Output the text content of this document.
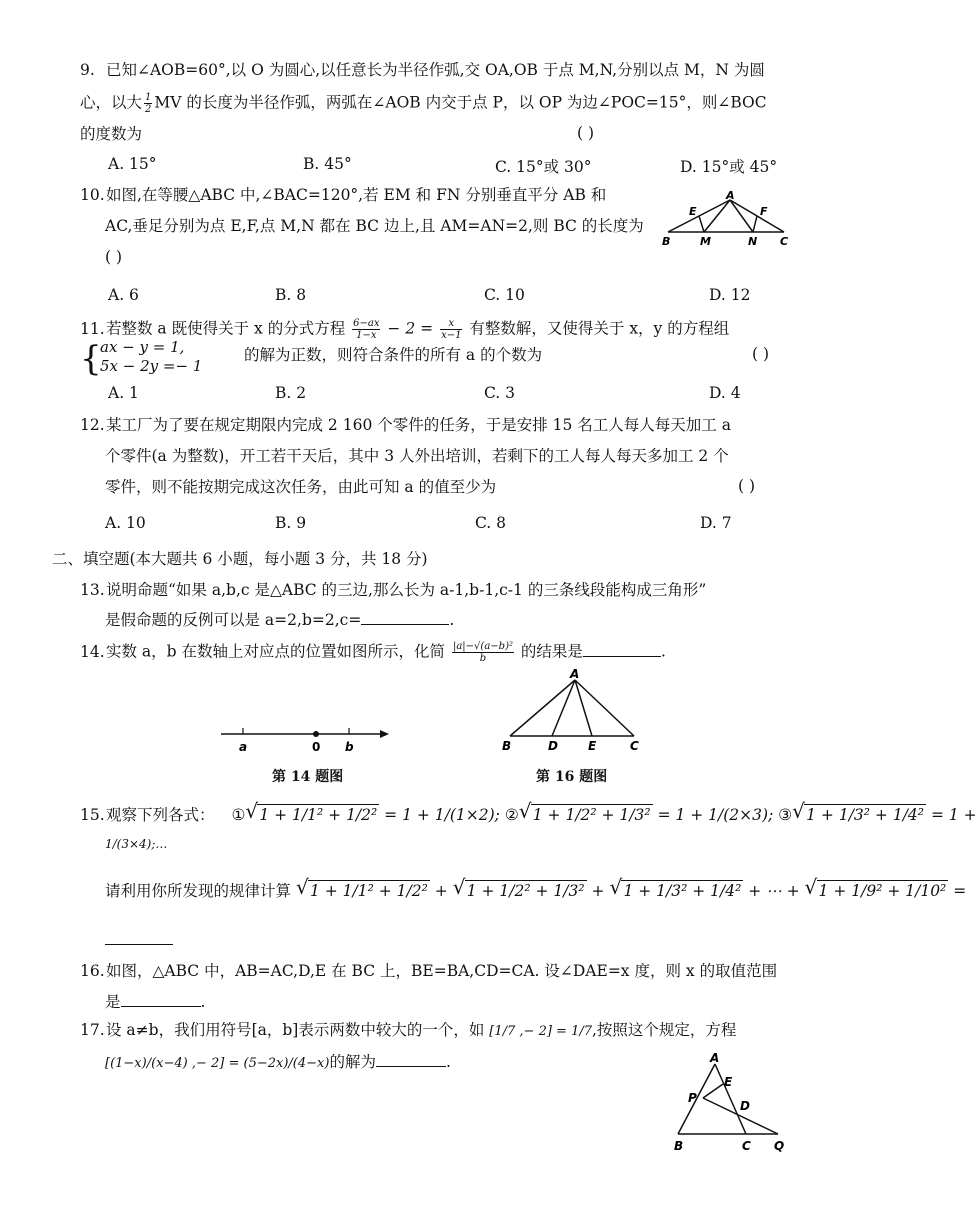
9. 已知∠AOB=60°,以 O 为圆心,以任意长为半径作弧,交 OA,OB 于点 M,N,分别以点 M，N 为圆
心，以大 $\frac{1}{2}$ MV 的长度为半径作弧，两弧在∠AOB 内交于点 P，以 OP 为边∠POC=15°，则∠BOC
的度数为	( )
A. 15°	B. 45°	C. 15°或 30°	D. 15°或 45°
10.如图,在等腰△ABC 中,∠BAC=120°,若 EM 和 FN 分别垂直平分 AB 和
AC,垂足分别为点 E,F,点 M,N 都在 BC 边上,且 AM=AN=2,则 BC 的长度为
( )
A
E	F
B	M	N C
A. 6	B. 8	C. 10	D. 12
11.若整数 a 既使得关于 x 的分式方程 $\frac{6-ax}{1-x} - 2 = \frac{x}{x-1}$ 有整数解，又使得关于 x，y 的方程组
{
ax − y = 1,
5x − 2y =− 1
的解为正数，则符合条件的所有 a 的个数为	( )
A. 1	B. 2	C. 3	D. 4
12.某工厂为了要在规定期限内完成 2 160 个零件的任务，于是安排 15 名工人每人每天加工 a
个零件(a 为整数)，开工若干天后，其中 3 人外出培训，若剩下的工人每人每天多加工 2 个
零件，则不能按期完成这次任务，由此可知 a 的值至少为	( )
A. 10	B. 9	C. 8	D. 7
二、填空题(本大题共 6 小题，每小题 3 分，共 18 分)
13.说明命题“如果 a,b,c 是△ABC 的三边,那么长为 a-1,b-1,c-1 的三条线段能构成三角形”
是假命题的反例可以是 a=2,b=2,c=	.
14.实数 a，b 在数轴上对应点的位置如图所示，化简 $\frac{\text{|a|−√(a−b)²}}{b}$ 的结果是	.
a	0 b
第 14 题图
A
B	D	E	C
第 16 题图
15.观察下列各式： ① √ 1 + 1/1² + 1/2² = 1 + 1/(1×2); ② √ 1 + 1/2² + 1/3² = 1 + 1/(2×3); ③ √ 1 + 1/3² + 1/4² = 1 +
1/(3×4);…
请利用你所发现的规律计算 √ 1 + 1/1² + 1/2² + √ 1 + 1/2² + 1/3² + √ 1 + 1/3² + 1/4² + ⋯ + √ 1 + 1/9² + 1/10² =
16.如图，△ABC 中，AB=AC,D,E 在 BC 上，BE=BA,CD=CA. 设∠DAE=x 度，则 x 的取值范围
是	.
17.设 a≠b，我们用符号[a，b]表示两数中较大的一个，如 [1/7 ,− 2] = 1/7,按照这个规定，方程
[(1−x)/(x−4) ,− 2] = (5−2x)/(4−x)的解为	.	A
E
P
D
B	C Q
